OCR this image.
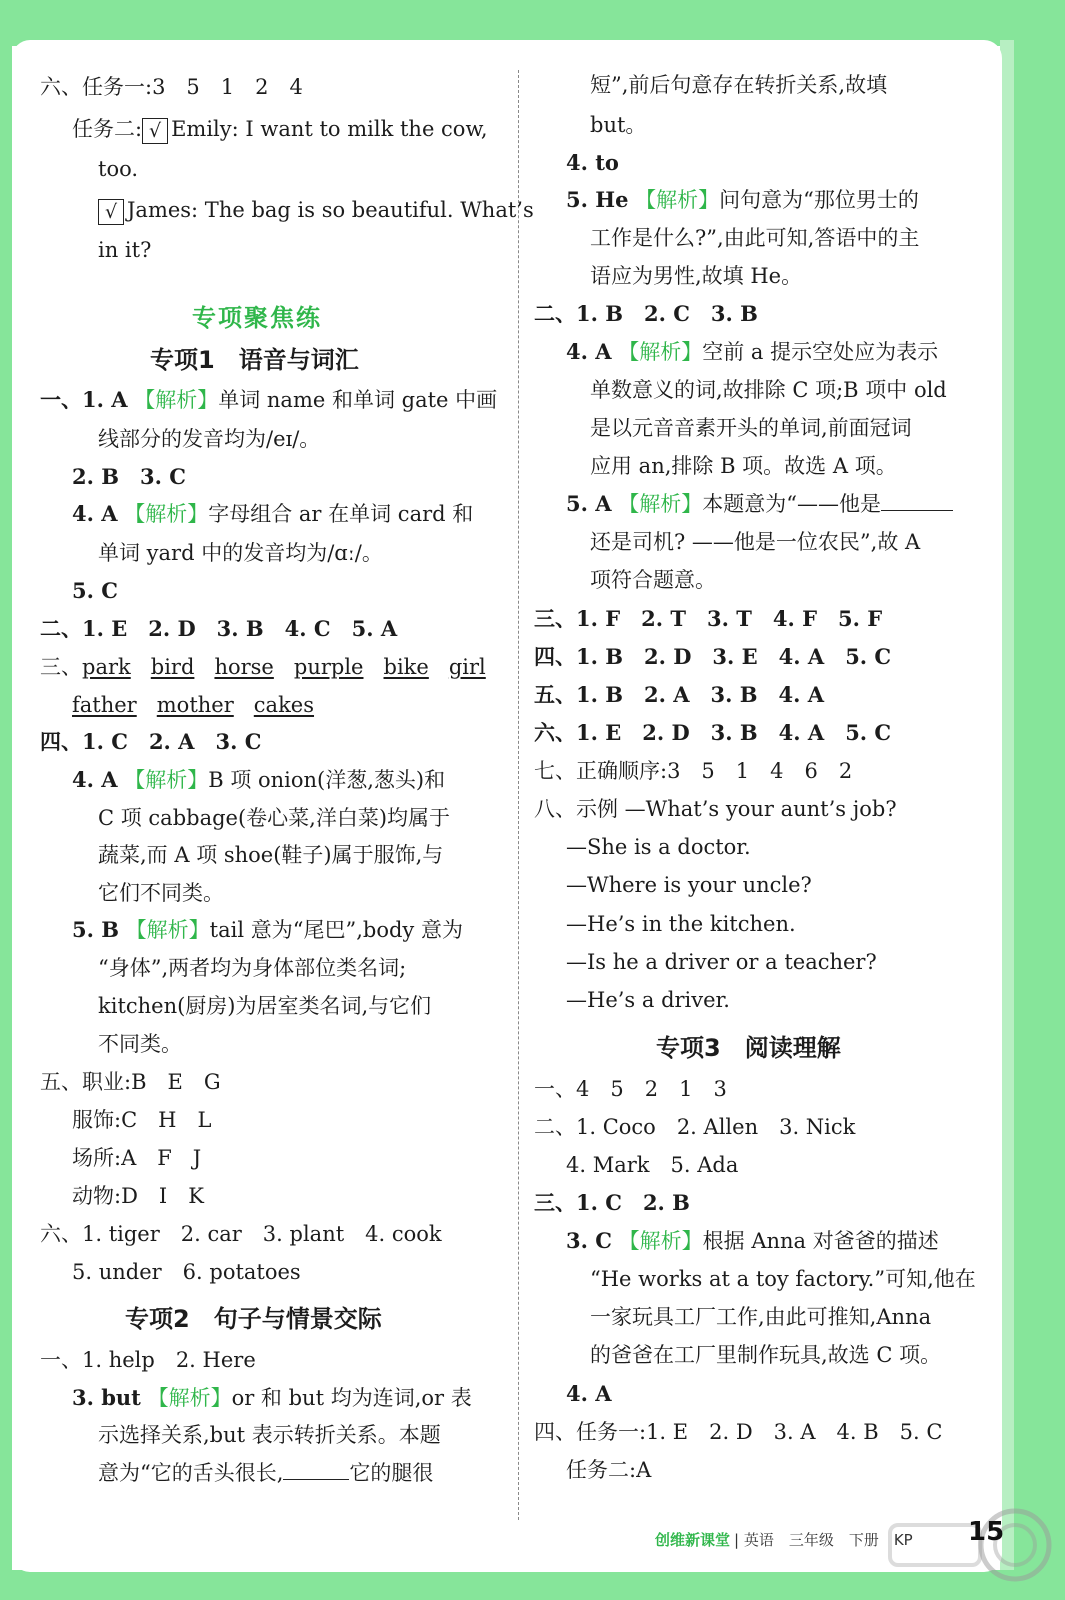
六、任务一:3　5　1　2　4
任务二: √ Emily: I want to milk the cow,
too.
√ James: The bag is so beautiful. What’s
in it?
专项聚焦练
专项1　语音与词汇
一、1. A 【解析】单词 name 和单词 gate 中画
线部分的发音均为/eɪ/。
2. B　3. C
4. A 【解析】字母组合 ar 在单词 card 和
单词 yard 中的发音均为/ɑː/。
5. C
二、1. E　2. D　3. B　4. C　5. A
三、park bird horse purple bike girl
father mother cakes
四、1. C　2. A　3. C
4. A 【解析】B 项 onion(洋葱,葱头)和
C 项 cabbage(卷心菜,洋白菜)均属于
蔬菜,而 A 项 shoe(鞋子)属于服饰,与
它们不同类。
5. B 【解析】tail 意为“尾巴”,body 意为
“身体”,两者均为身体部位类名词;
kitchen(厨房)为居室类名词,与它们
不同类。
五、职业:B　E　G
服饰:C　H　L
场所:A　F　J
动物:D　I　K
六、1. tiger　2. car　3. plant　4. cook
5. under　6. potatoes
专项2　句子与情景交际
一、1. help　2. Here
3. but 【解析】or 和 but 均为连词,or 表
示选择关系,but 表示转折关系。本题
意为“它的舌头很长,	它的腿很
短”,前后句意存在转折关系,故填
but。
4. to
5. He 【解析】问句意为“那位男士的
工作是什么?”,由此可知,答语中的主
语应为男性,故填 He。
二、1. B　2. C　3. B
4. A 【解析】空前 a 提示空处应为表示
单数意义的词,故排除 C 项;B 项中 old
是以元音音素开头的单词,前面冠词
应用 an,排除 B 项。故选 A 项。
5. A 【解析】本题意为“——他是
还是司机? ——他是一位农民”,故 A
项符合题意。
三、1. F　2. T　3. T　4. F　5. F
四、1. B　2. D　3. E　4. A　5. C
五、1. B　2. A　3. B　4. A
六、1. E　2. D　3. B　4. A　5. C
七、正确顺序:3　5　1　4　6　2
八、示例 —What’s your aunt’s job?
—She is a doctor.
—Where is your uncle?
—He’s in the kitchen.
—Is he a driver or a teacher?
—He’s a driver.
专项3　阅读理解
一、4　5　2　1　3
二、1. Coco　2. Allen　3. Nick
4. Mark　5. Ada
三、1. C　2. B
3. C 【解析】根据 Anna 对爸爸的描述
“He works at a toy factory.”可知,他在
一家玩具工厂工作,由此可推知,Anna
的爸爸在工厂里制作玩具,故选 C 项。
4. A
四、任务一:1. E　2. D　3. A　4. B　5. C
任务二:A
创维新课堂 | 英语　三年级　下册　KP 15
